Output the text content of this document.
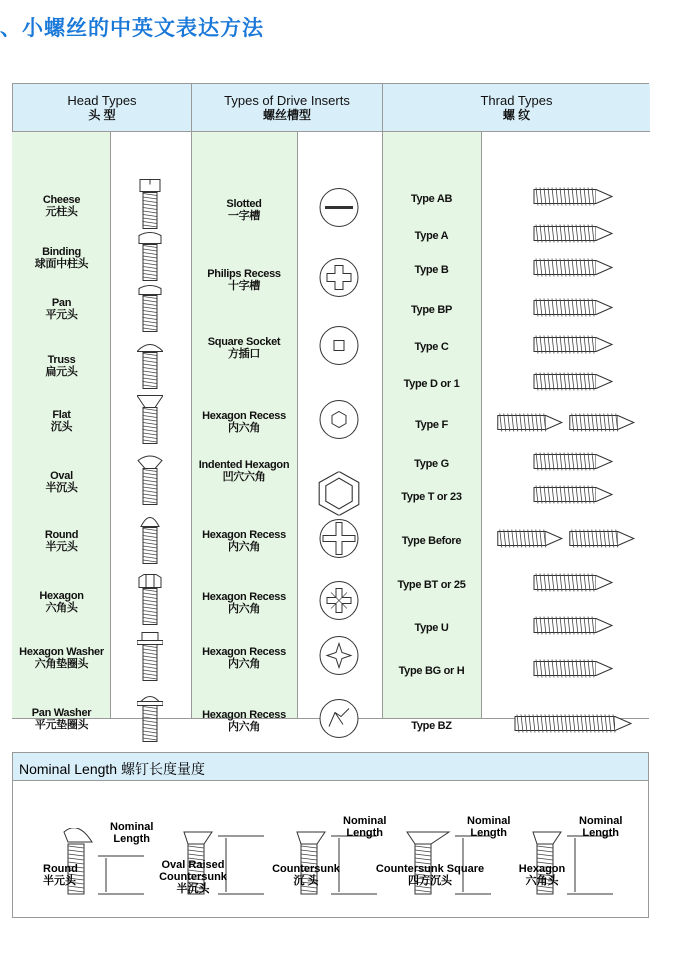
、小螺丝的中英文表达方法
Head Types
头 型
Types of Drive Inserts
螺丝槽型
Thrad Types
螺 纹
Cheese
元柱头
Binding
球面中柱头
Pan
平元头
Truss
扁元头
Flat
沉头
Oval
半沉头
Round
半元头
Hexagon
六角头
Hexagon Washer
六角垫圈头
Pan Washer
平元垫圈头
Slotted
一字槽
Philips Recess
十字槽
Square Socket
方插口
Hexagon Recess
内六角
Indented Hexagon
凹穴六角
Hexagon Recess
内六角
Hexagon Recess
内六角
Hexagon Recess
内六角
Hexagon Recess
内六角
Type AB
Type A
Type B
Type BP
Type C
Type D or 1
Type F

Type G
Type T or 23
Type Before

Type BT or 25
Type U
Type BG or H
Type BZ
Nominal Length 螺钉长度量度
Nominal
Length
Round
半元头
Oval Raised Countersunk
半沉头
Nominal
Length
Countersunk
沉 头
Nominal
Length
Countersunk Square
四方沉头
Nominal
Length
Hexagon
六角头
